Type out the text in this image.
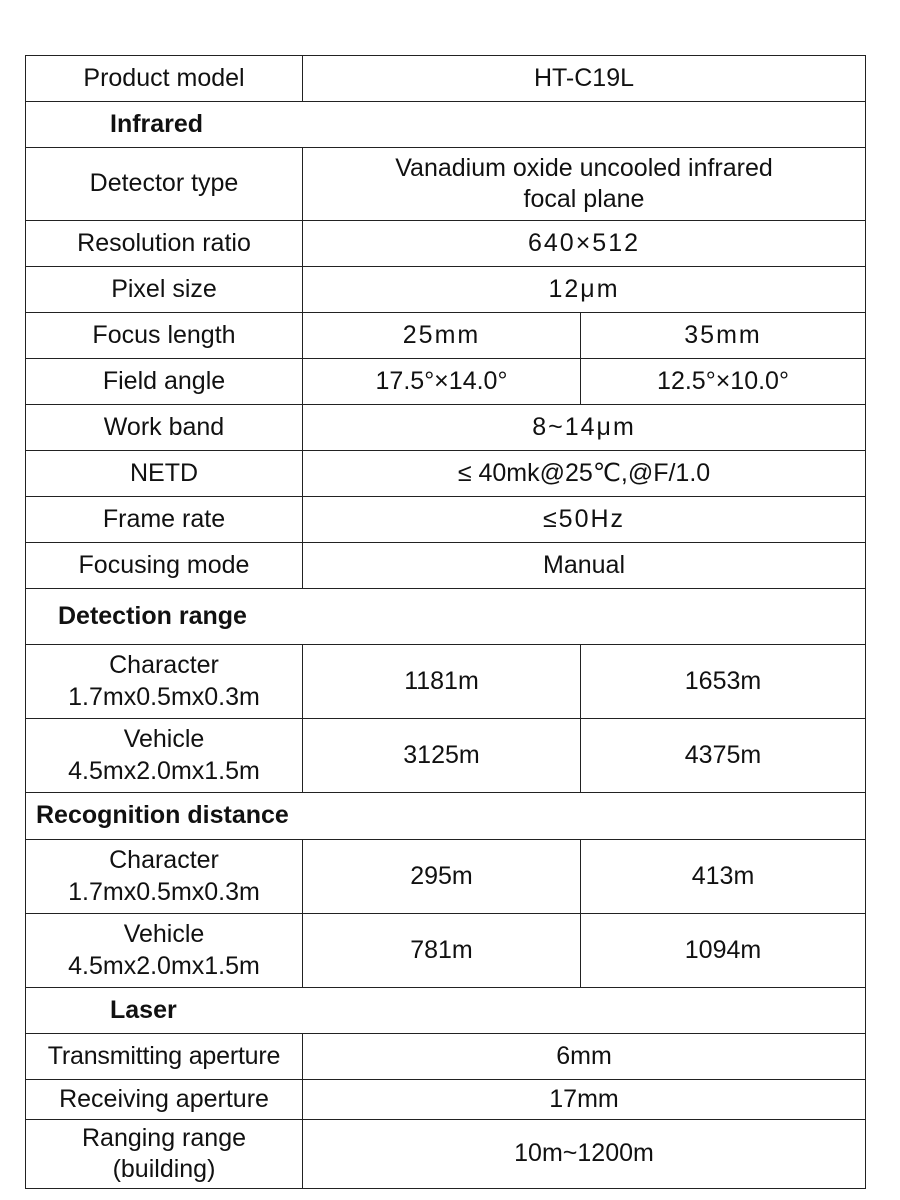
Product model	HT-C19L	
Infrared		
Detector type	Vanadium oxide uncooled infrared focal plane	
Resolution ratio	640×512	
Pixel size	12μm	
Focus length	25mm	35mm
Field angle	17.5°×14.0°	12.5°×10.0°
Work band	8~14μm	
NETD	≤ 40mk@25℃,@F/1.0	
Frame rate	≤50Hz	
Focusing mode	Manual	
Detection range		

Character
1.7mx0.5mx0.3m	1181m	1653m

Vehicle
4.5mx2.0mx1.5m	3125m	4375m
Recognition distance		

Character
1.7mx0.5mx0.3m	295m	413m

Vehicle
4.5mx2.0mx1.5m	781m	1094m
Laser		
Transmitting aperture	6mm	
Receiving aperture	17mm	

Ranging range
(building)	10m~1200m	
